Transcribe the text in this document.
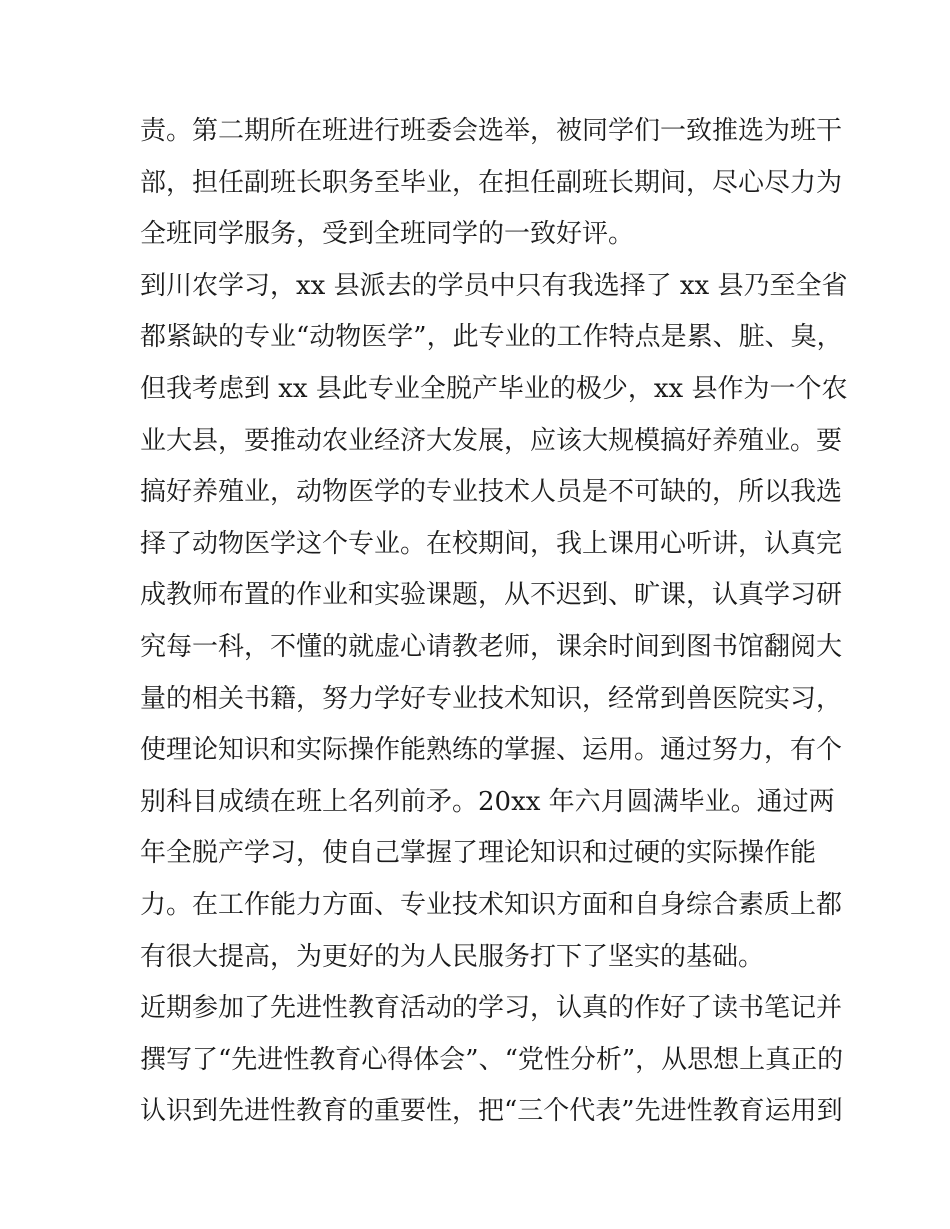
责。第二期所在班进行班委会选举，被同学们一致推选为班干
部，担任副班长职务至毕业，在担任副班长期间，尽心尽力为
全班同学服务，受到全班同学的一致好评。
到川农学习，xx 县派去的学员中只有我选择了 xx 县乃至全省
都紧缺的专业“动物医学”，此专业的工作特点是累、脏、臭，
但我考虑到 xx 县此专业全脱产毕业的极少，xx 县作为一个农
业大县，要推动农业经济大发展，应该大规模搞好养殖业。要
搞好养殖业，动物医学的专业技术人员是不可缺的，所以我选
择了动物医学这个专业。在校期间，我上课用心听讲，认真完
成教师布置的作业和实验课题，从不迟到、旷课，认真学习研
究每一科，不懂的就虚心请教老师，课余时间到图书馆翻阅大
量的相关书籍，努力学好专业技术知识，经常到兽医院实习，
使理论知识和实际操作能熟练的掌握、运用。通过努力，有个
别科目成绩在班上名列前矛。20xx 年六月圆满毕业。通过两
年全脱产学习，使自己掌握了理论知识和过硬的实际操作能
力。在工作能力方面、专业技术知识方面和自身综合素质上都
有很大提高，为更好的为人民服务打下了坚实的基础。
近期参加了先进性教育活动的学习，认真的作好了读书笔记并
撰写了“先进性教育心得体会”、“党性分析”，从思想上真正的
认识到先进性教育的重要性，把“三个代表”先进性教育运用到
